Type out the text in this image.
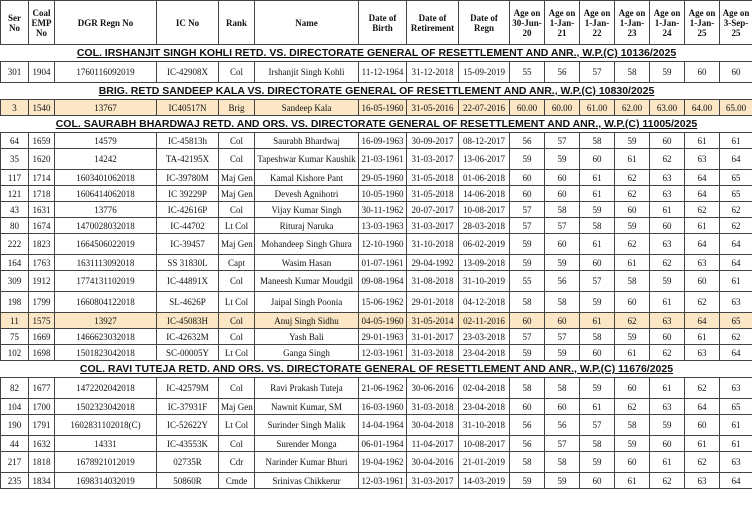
Ser No	Coal EMP No	DGR Regn No	IC No	Rank	Name	Date of Birth	Date of Retirement	Date of Regn	Age on 30-Jun-20	Age on 1-Jan-21	Age on 1-Jan-22	Age on 1-Jan-23	Age on 1-Jan-24	Age on 1-Jan-25	Age on 3-Sep-25
COL. IRSHANJIT SINGH KOHLI RETD. VS. DIRECTORATE GENERAL OF RESETTLEMENT AND ANR., W.P.(C) 10136/2025															
301	1904	1760116092019	IC-42908X	Col	Irshanjit Singh Kohli	11-12-1964	31-12-2018	15-09-2019	55	56	57	58	59	60	60
BRIG. RETD SANDEEP KALA VS. DIRECTORATE GENERAL OF RESETTLEMENT AND ANR., W.P.(C) 10830/2025															
3	1540	13767	IC40517N	Brig	Sandeep Kala	16-05-1960	31-05-2016	22-07-2016	60.00	60.00	61.00	62.00	63.00	64.00	65.00
COL. SAURABH BHARDWAJ RETD. AND ORS. VS. DIRECTORATE GENERAL OF RESETTLEMENT AND ANR., W.P.(C) 11005/2025															
64	1659	14579	IC-45813h	Col	Saurabh Bhardwaj	16-09-1963	30-09-2017	08-12-2017	56	57	58	59	60	61	61
35	1620	14242	TA-42195X	Col	Tapeshwar Kumar Kaushik	21-03-1961	31-03-2017	13-06-2017	59	59	60	61	62	63	64
117	1714	1603401062018	IC-39780M	Maj Gen	Kamal Kishore Pant	29-05-1960	31-05-2018	01-06-2018	60	60	61	62	63	64	65
121	1718	1606414062018	IC 39229P	Maj Gen	Devesh Agnihotri	10-05-1960	31-05-2018	14-06-2018	60	60	61	62	63	64	65
43	1631	13776	IC-42616P	Col	Vijay Kumar Singh	30-11-1962	20-07-2017	10-08-2017	57	58	59	60	61	62	62
80	1674	1470028032018	IC-44702	Lt Col	Rituraj Naruka	13-03-1963	31-03-2017	28-03-2018	57	57	58	59	60	61	62
222	1823	1664506022019	IC-39457	Maj Gen	Mohandeep Singh Ghura	12-10-1960	31-10-2018	06-02-2019	59	60	61	62	63	64	64
164	1763	1631113092018	SS 31830L	Capt	Wasim Hasan	01-07-1961	29-04-1992	13-09-2018	59	59	60	61	62	63	64
309	1912	1774131102019	IC-44891X	Col	Maneesh Kumar Moudgil	09-08-1964	31-08-2018	31-10-2019	55	56	57	58	59	60	61
198	1799	1660804122018	SL-4626P	Lt Col	Jaipal Singh Poonia	15-06-1962	29-01-2018	04-12-2018	58	58	59	60	61	62	63
11	1575	13927	IC-45083H	Col	Anuj Singh Sidhu	04-05-1960	31-05-2014	02-11-2016	60	60	61	62	63	64	65
75	1669	1466623032018	IC-42632M	Col	Yash Bali	29-01-1963	31-01-2017	23-03-2018	57	57	58	59	60	61	62
102	1698	1501823042018	SC-00005Y	Lt Col	Ganga Singh	12-03-1961	31-03-2018	23-04-2018	59	59	60	61	62	63	64
COL. RAVI TUTEJA RETD. AND ORS. VS. DIRECTORATE GENERAL OF RESETTLEMENT AND ANR., W.P.(C) 11676/2025															
82	1677	1472202042018	IC-42579M	Col	Ravi Prakash Tuteja	21-06-1962	30-06-2016	02-04-2018	58	58	59	60	61	62	63
104	1700	1502323042018	IC-37931F	Maj Gen	Nawnit Kumar, SM	16-03-1960	31-03-2018	23-04-2018	60	60	61	62	63	64	65
190	1791	1602831102018(C)	IC-52622Y	Lt Col	Surinder Singh Malik	14-04-1964	30-04-2018	31-10-2018	56	56	57	58	59	60	61
44	1632	14331	IC-43553K	Col	Surender Monga	06-01-1964	11-04-2017	10-08-2017	56	57	58	59	60	61	61
217	1818	1678921012019	02735R	Cdr	Narinder Kumar Bhuri	19-04-1962	30-04-2016	21-01-2019	58	58	59	60	61	62	63
235	1834	1698314032019	50860R	Cmde	Srinivas Chikkerur	12-03-1961	31-03-2017	14-03-2019	59	59	60	61	62	63	64
